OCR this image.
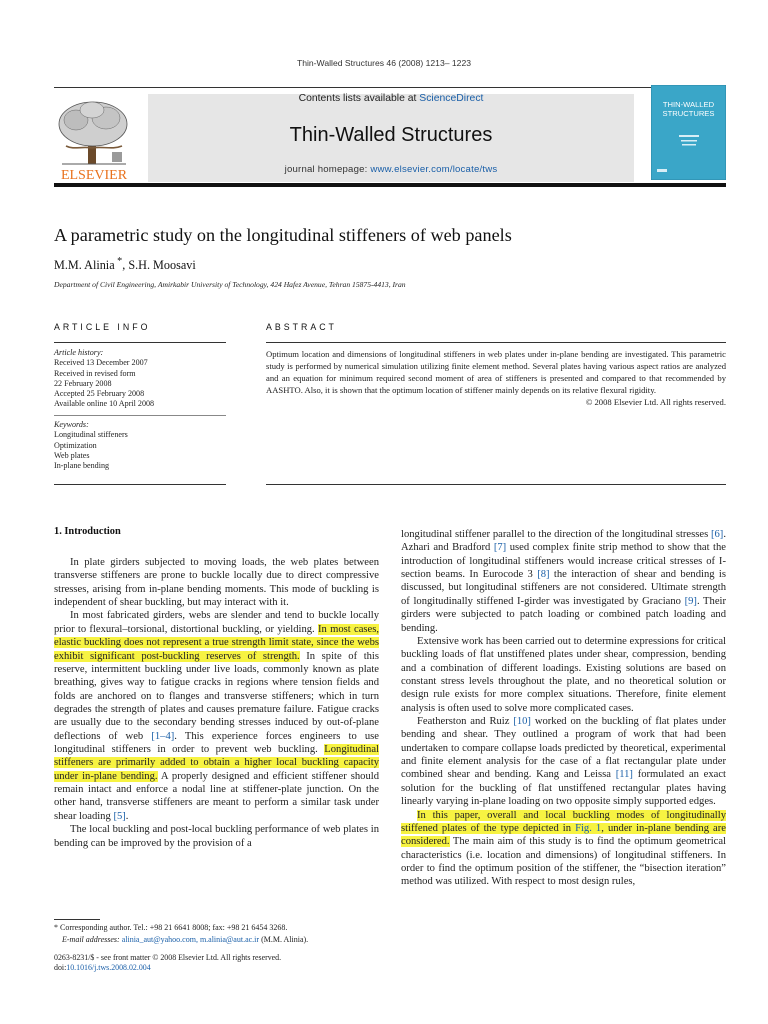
Thin-Walled Structures 46 (2008) 1213– 1223
ELSEVIER
Contents lists available at ScienceDirect
Thin-Walled Structures
journal homepage: www.elsevier.com/locate/tws
THIN-WALLED
STRUCTURES
A parametric study on the longitudinal stiffeners of web panels
M.M. Alinia *, S.H. Moosavi
Department of Civil Engineering, Amirkabir University of Technology, 424 Hafez Avenue, Tehran 15875-4413, Iran
ARTICLE INFO	ABSTRACT
Article history:
Received 13 December 2007
Received in revised form
22 February 2008
Accepted 25 February 2008
Available online 10 April 2008
Keywords:
Longitudinal stiffeners
Optimization
Web plates
In-plane bending
Optimum location and dimensions of longitudinal stiffeners in web plates under in-plane bending are investigated. This parametric study is performed by numerical simulation utilizing finite element method. Several plates having various aspect ratios are analyzed and an equation for minimum required second moment of area of stiffeners is presented and compared to that recommended by AASHTO. Also, it is shown that the optimum location of stiffener mainly depends on its relative flexural rigidity.
© 2008 Elsevier Ltd. All rights reserved.
1. Introduction

In plate girders subjected to moving loads, the web plates between transverse stiffeners are prone to buckle locally due to direct compressive stresses, arising from in-plane bending moments. This mode of buckling is independent of shear buckling, but may interact with it.

In most fabricated girders, webs are slender and tend to buckle locally prior to flexural–torsional, distortional buckling, or yielding. In most cases, elastic buckling does not represent a true strength limit state, since the webs exhibit significant post-buckling reserves of strength. In spite of this reserve, intermittent buckling under live loads, commonly known as plate breathing, gives way to fatigue cracks in regions where tension fields and folds are anchored on to flanges and transverse stiffeners; which in turn degrades the strength of plates and causes premature failure. Fatigue cracks are usually due to the secondary bending stresses induced by out-of-plane deflections of web [1–4]. This experience forces engineers to use longitudinal stiffeners in order to prevent web buckling. Longitudinal stiffeners are primarily added to obtain a higher local buckling capacity under in-plane bending. A properly designed and efficient stiffener should remain intact and enforce a nodal line at stiffener-plate junction. On the other hand, transverse stiffeners are meant to perform a similar task under shear loading [5].

The local buckling and post-local buckling performance of web plates in bending can be improved by the provision of a

longitudinal stiffener parallel to the direction of the longitudinal stresses [6]. Azhari and Bradford [7] used complex finite strip method to show that the introduction of longitudinal stiffeners would increase critical stresses of I-section beams. In Eurocode 3 [8] the interaction of shear and bending is discussed, but longitudinal stiffeners are not considered. Ultimate strength of longitudinally stiffened I-girder was investigated by Graciano [9]. Their girders were subjected to patch loading or combined patch loading and bending.

Extensive work has been carried out to determine expressions for critical buckling loads of flat unstiffened plates under shear, compression, bending and a combination of different loadings. Existing solutions are based on constant stress levels throughout the plate, and no theoretical solution or design rule exists for more complex situations. Therefore, finite element analysis is often used to solve more complicated cases.

Featherston and Ruiz [10] worked on the buckling of flat plates under bending and shear. They outlined a program of work that had been undertaken to compare collapse loads predicted by theoretical, experimental and finite element analysis for the case of a flat rectangular plate under combined shear and bending. Kang and Leissa [11] formulated an exact solution for the buckling of flat unstiffened rectangular plates having linearly varying in-plane loading on two opposite simply supported edges.

In this paper, overall and local buckling modes of longitudinally stiffened plates of the type depicted in Fig. 1, under in-plane bending are considered. The main aim of this study is to find the optimum geometrical characteristics (i.e. location and dimensions) of longitudinal stiffeners. In order to find the optimum position of the stiffener, the “bisection iteration” method was utilized. With respect to most design rules,

* Corresponding author. Tel.: +98 21 6641 8008; fax: +98 21 6454 3268.
E-mail addresses: alinia_aut@yahoo.com, m.alinia@aut.ac.ir (M.M. Alinia).
0263-8231/$ - see front matter © 2008 Elsevier Ltd. All rights reserved.
doi:10.1016/j.tws.2008.02.004
